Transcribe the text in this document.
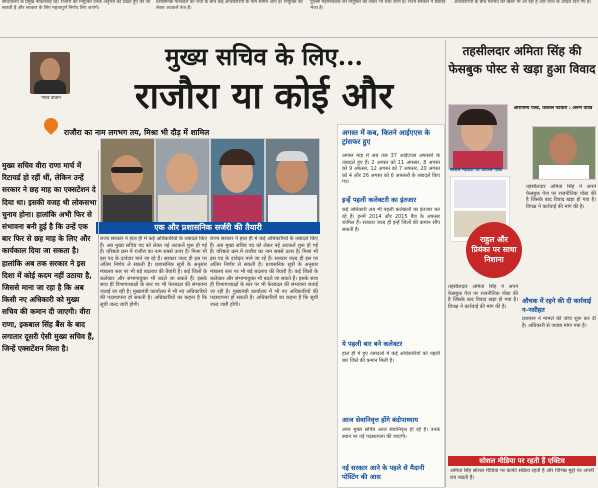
सचिवालय के प्रमुख नौकरशाह रहे। राजौरा की नियुक्ति उनके अनुभव को देखते हुए की जा सकती है और सरकार के लिए महत्वपूर्ण निर्णय लिए जाएंगे।
प्रशासनिक फेरबदल की चर्चा के बीच कई अधिकारियों के नाम सामने आए हैं। नियुक्ति को लेकर अटकलें तेज हैं।
पुलिस महानिदेशक की नियुक्ति को लेकर भी चर्चा जारी है। राज्य सरकार ने प्रस्ताव भेजा है।
अधिकारियों के बीच मतभेद की खबरें भी आ रही हैं और जांच के आदेश दिए गए हैं।
गौरव दीवान
मुख्य सचिव के लिए...
राजौरा या कोई और
राजौरा का नाम लगभग तय, मिश्रा भी दौड़ में शामिल
मुख्य सचिव वीरा राणा मार्च में रिटायर्ड हो रहीं थीं, लेकिन उन्हें सरकार ने छह माह का एक्सटेंशन दे दिया था। इसकी वजह थी लोकसभा चुनाव होना। हालांकि अभी फिर से संभावना बनी हुई है कि उन्हें एक बार फिर से छह माह के लिए और कार्यकाल दिया जा सकता है। हालांकि अब तक सरकार ने इस दिशा में कोई कदम नहीं उठाया है, जिससे माना जा रहा है कि अब किसी नए अधिकारी को मुख्य सचिव की कमान दी जाएगी। वीरा राणा, इकबाल सिंह बैंस के बाद लगातार दूसरी ऐसी मुख्य सचिव हैं, जिन्हें एक्सटेंशन मिला है।
एक और प्रशासनिक सर्जरी की तैयारी
राज्य सरकार ने हाल ही में कई अधिकारियों के तबादले किए हैं। अब मुख्य सचिव पद को लेकर नई अटकलें शुरू हो गई हैं। वरिष्ठता क्रम में राजौरा का नाम सबसे ऊपर है। मिश्रा भी इस पद के दावेदार माने जा रहे हैं। सरकार जल्द ही इस पर अंतिम निर्णय ले सकती है। प्रशासनिक सूत्रों के अनुसार मंत्रालय स्तर पर भी बड़े बदलाव की तैयारी है। कई जिलों के कलेक्टर और संभागायुक्त भी बदले जा सकते हैं। इसके साथ ही विभागाध्यक्षों के स्तर पर भी फेरबदल की संभावना जताई जा रही है। मुख्यमंत्री कार्यालय में भी नए अधिकारियों की पदस्थापना हो सकती है। अधिकारियों का कहना है कि सूची जल्द जारी होगी।
राज्य सरकार ने हाल ही में कई अधिकारियों के तबादले किए हैं। अब मुख्य सचिव पद को लेकर नई अटकलें शुरू हो गई हैं। वरिष्ठता क्रम में राजौरा का नाम सबसे ऊपर है। मिश्रा भी इस पद के दावेदार माने जा रहे हैं। सरकार जल्द ही इस पर अंतिम निर्णय ले सकती है। प्रशासनिक सूत्रों के अनुसार मंत्रालय स्तर पर भी बड़े बदलाव की तैयारी है। कई जिलों के कलेक्टर और संभागायुक्त भी बदले जा सकते हैं। इसके साथ ही विभागाध्यक्षों के स्तर पर भी फेरबदल की संभावना जताई जा रही है। मुख्यमंत्री कार्यालय में भी नए अधिकारियों की पदस्थापना हो सकती है। अधिकारियों का कहना है कि सूची जल्द जारी होगी।
अगस्त में कब, कितने आईएएस के ट्रांसफर हुए
अगस्त माह में अब तक 37 आईएएस अफसरों के तबादले हुए हैं। 2 अगस्त को 11 अफसर, 8 अगस्त को 9 अफसर, 12 अगस्त को 7 अफसर, 20 अगस्त को 4 और 26 अगस्त को 6 अफसरों के तबादले किए गए।
इन्हें पहली कलेक्टरी का इंतजार
कई अधिकारी अब भी पहली कलेक्टरी का इंतजार कर रहे हैं। इनमें 2014 और 2015 बैच के अफसर शामिल हैं। सरकार जल्द ही इन्हें जिलों की कमान सौंप सकती है।
ये पहली बार बने कलेक्टर
हाल ही में हुए तबादलों में कई अधिकारियों को पहली बार जिले की कमान मिली है।
आज सेवानिवृत्त होंगे बंदोपाध्याय
अपर मुख्य सचिव आज सेवानिवृत्त हो रहे हैं। उनके स्थान पर नई पदस्थापना की जाएगी।
नई सरकार आने के पहले से मैदानी पोस्टिंग की आस
तहसीलदार अमिता सिंह की फेसबुक पोस्ट से खड़ा हुआ विवाद
सोशल मीडिया पर वायरल पोस्ट
आरोपमय पोस्ट, तत्काल पटवारी : अरुण यादव
राहुल और प्रियंका पर साधा निशाना
तहसीलदार अमिता सिंह ने अपने फेसबुक पेज पर राजनीतिक पोस्ट की है जिसके बाद विवाद खड़ा हो गया है। विपक्ष ने कार्रवाई की मांग की है।
तहसीलदार अमिता सिंह ने अपने फेसबुक पेज पर राजनीतिक पोस्ट की है जिसके बाद विवाद खड़ा हो गया है। विपक्ष ने कार्रवाई की मांग की है।
औचक में रहने की दी कार्रवाई न-नसीहत
प्रशासन ने मामले की जांच शुरू कर दी है। अधिकारी से जवाब मांगा गया है।
सोशल मीडिया पर रहती हैं एक्टिव
अमिता सिंह सोशल मीडिया पर काफी सक्रिय रहती हैं और विभिन्न मुद्दों पर अपनी राय रखती हैं।
